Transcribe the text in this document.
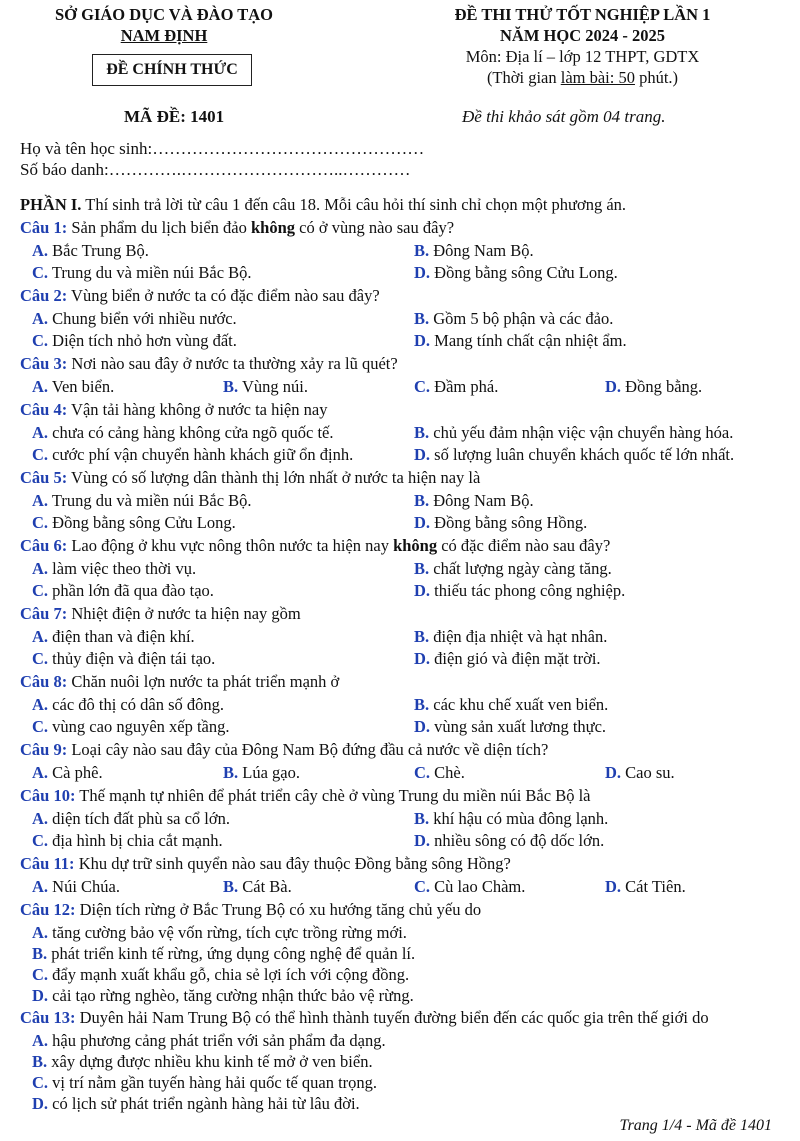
SỞ GIÁO DỤC VÀ ĐÀO TẠO
NAM ĐỊNH
ĐỀ CHÍNH THỨC
ĐỀ THI THỬ TỐT NGHIỆP LẦN 1
NĂM HỌC 2024 - 2025
Môn: Địa lí – lớp 12 THPT, GDTX
(Thời gian làm bài: 50 phút.)
MÃ ĐỀ: 1401	Đề thi khảo sát gồm 04 trang.
Họ và tên học sinh:…………………………………………
Số báo danh:………….………………………..…………
PHẦN I. Thí sinh trả lời từ câu 1 đến câu 18. Mỗi câu hỏi thí sinh chỉ chọn một phương án.
Câu 1: Sản phẩm du lịch biển đảo không có ở vùng nào sau đây?
A. Bắc Trung Bộ.	B. Đông Nam Bộ.
C. Trung du và miền núi Bắc Bộ.	D. Đồng bằng sông Cửu Long.
Câu 2: Vùng biển ở nước ta có đặc điểm nào sau đây?
A. Chung biển với nhiều nước.	B. Gồm 5 bộ phận và các đảo.
C. Diện tích nhỏ hơn vùng đất.	D. Mang tính chất cận nhiệt ẩm.
Câu 3: Nơi nào sau đây ở nước ta thường xảy ra lũ quét?
A. Ven biển.	B. Vùng núi.	C. Đầm phá.	D. Đồng bằng.
Câu 4: Vận tải hàng không ở nước ta hiện nay
A. chưa có cảng hàng không cửa ngõ quốc tế.	B. chủ yếu đảm nhận việc vận chuyển hàng hóa.
C. cước phí vận chuyển hành khách giữ ổn định.	D. số lượng luân chuyển khách quốc tế lớn nhất.
Câu 5: Vùng có số lượng dân thành thị lớn nhất ở nước ta hiện nay là
A. Trung du và miền núi Bắc Bộ.	B. Đông Nam Bộ.
C. Đồng bằng sông Cửu Long.	D. Đồng bằng sông Hồng.
Câu 6: Lao động ở khu vực nông thôn nước ta hiện nay không có đặc điểm nào sau đây?
A. làm việc theo thời vụ.	B. chất lượng ngày càng tăng.
C. phần lớn đã qua đào tạo.	D. thiếu tác phong công nghiệp.
Câu 7: Nhiệt điện ở nước ta hiện nay gồm
A. điện than và điện khí.	B. điện địa nhiệt và hạt nhân.
C. thủy điện và điện tái tạo.	D. điện gió và điện mặt trời.
Câu 8: Chăn nuôi lợn nước ta phát triển mạnh ở
A. các đô thị có dân số đông.	B. các khu chế xuất ven biển.
C. vùng cao nguyên xếp tầng.	D. vùng sản xuất lương thực.
Câu 9: Loại cây nào sau đây của Đông Nam Bộ đứng đầu cả nước về diện tích?
A. Cà phê.	B. Lúa gạo.	C. Chè.	D. Cao su.
Câu 10: Thế mạnh tự nhiên để phát triển cây chè ở vùng Trung du miền núi Bắc Bộ là
A. diện tích đất phù sa cổ lớn.	B. khí hậu có mùa đông lạnh.
C. địa hình bị chia cắt mạnh.	D. nhiều sông có độ dốc lớn.
Câu 11: Khu dự trữ sinh quyển nào sau đây thuộc Đồng bằng sông Hồng?
A. Núi Chúa.	B. Cát Bà.	C. Cù lao Chàm.	D. Cát Tiên.
Câu 12: Diện tích rừng ở Bắc Trung Bộ có xu hướng tăng chủ yếu do
A. tăng cường bảo vệ vốn rừng, tích cực trồng rừng mới.
B. phát triển kinh tế rừng, ứng dụng công nghệ để quản lí.
C. đẩy mạnh xuất khẩu gỗ, chia sẻ lợi ích với cộng đồng.
D. cải tạo rừng nghèo, tăng cường nhận thức bảo vệ rừng.
Câu 13: Duyên hải Nam Trung Bộ có thể hình thành tuyến đường biển đến các quốc gia trên thế giới do
A. hậu phương cảng phát triển với sản phẩm đa dạng.
B. xây dựng được nhiều khu kinh tế mở ở ven biển.
C. vị trí nằm gần tuyến hàng hải quốc tế quan trọng.
D. có lịch sử phát triển ngành hàng hải từ lâu đời.
Trang 1/4 - Mã đề 1401
